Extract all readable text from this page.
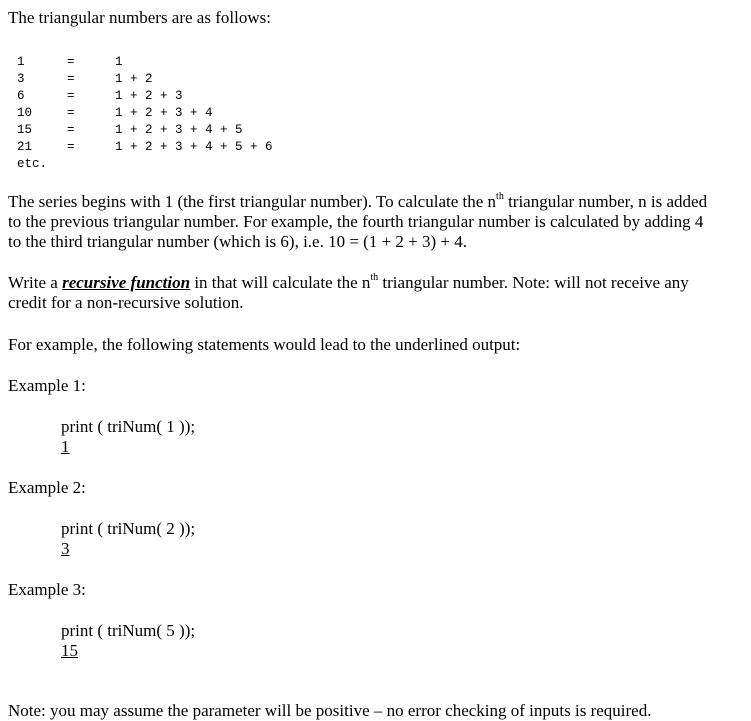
The triangular numbers are as follows:

1	=	1
3	=	1 + 2
6	=	1 + 2 + 3
10	=	1 + 2 + 3 + 4
15	=	1 + 2 + 3 + 4 + 5
21	=	1 + 2 + 3 + 4 + 5 + 6
etc.

The series begins with 1 (the first triangular number). To calculate the $n^{th}$ triangular number, n is added to the previous triangular number. For example, the fourth triangular number is calculated by adding 4 to the third triangular number (which is 6), i.e. 10 = (1 + 2 + 3) + 4.

Write a recursive function in that will calculate the $n^{th}$ triangular number. Note: will not receive any credit for a non-recursive solution.

For example, the following statements would lead to the underlined output:

Example 1:
print ( triNum( 1 ));
1
Example 2:
print ( triNum( 2 ));
3
Example 3:
print ( triNum( 5 ));
15
Note: you may assume the parameter will be positive – no error checking of inputs is required.
